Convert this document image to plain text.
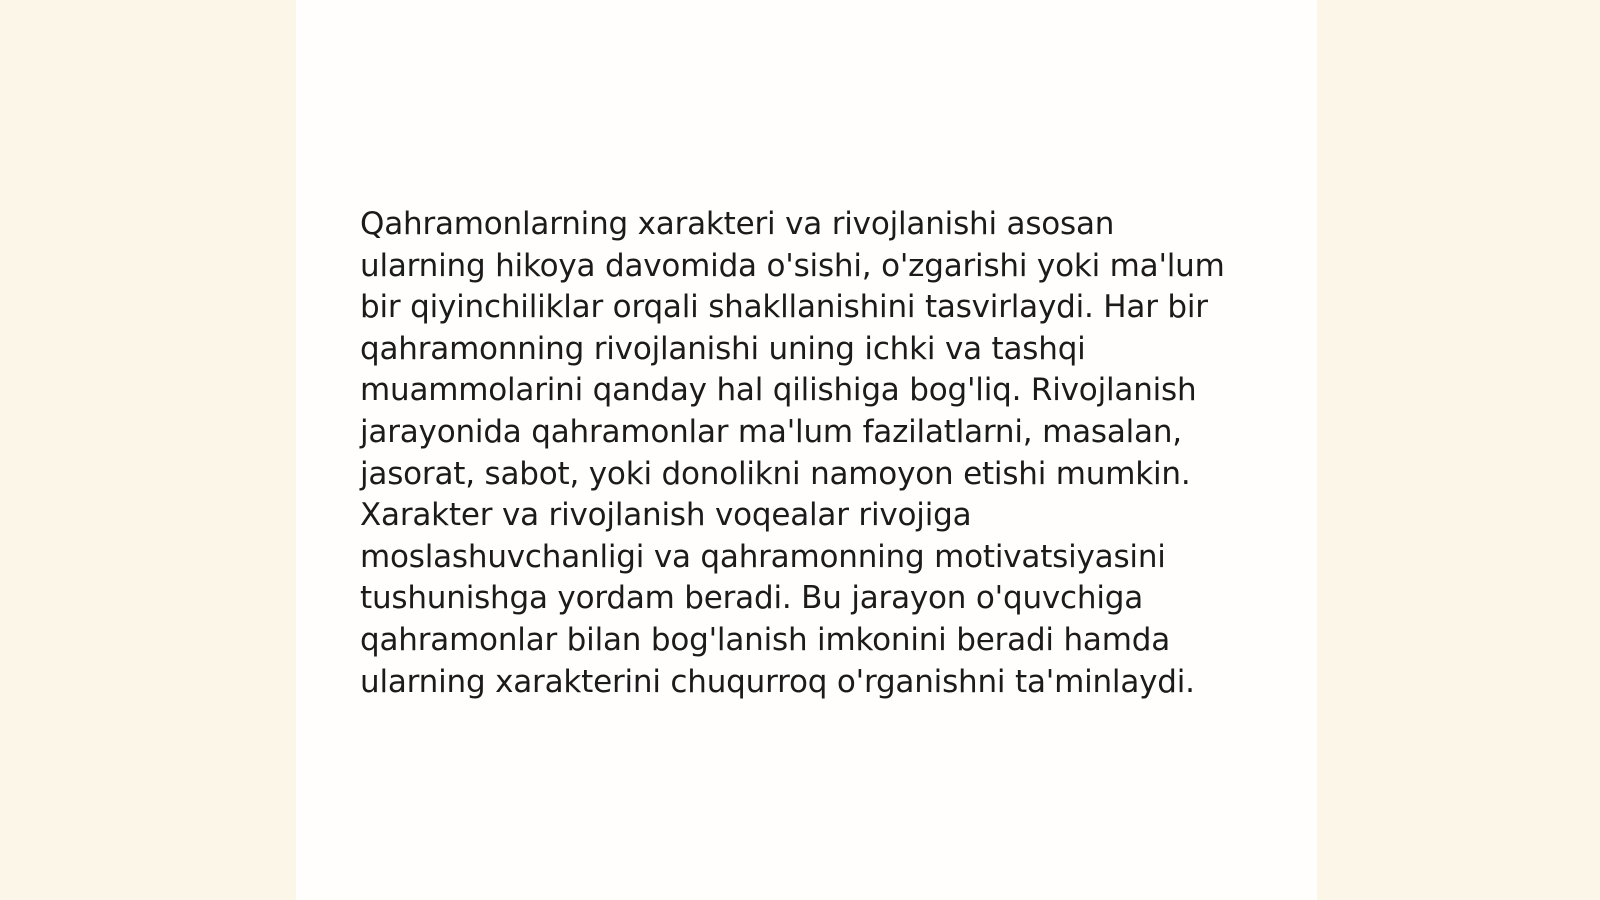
Qahramonlarning xarakteri va rivojlanishi asosan ularning hikoya davomida o'sishi, o'zgarishi yoki ma'lum bir qiyinchiliklar orqali shakllanishini tasvirlaydi. Har bir qahramonning rivojlanishi uning ichki va tashqi muammolarini qanday hal qilishiga bog'liq. Rivojlanish jarayonida qahramonlar ma'lum fazilatlarni, masalan, jasorat, sabot, yoki donolikni namoyon etishi mumkin. Xarakter va rivojlanish voqealar rivojiga moslashuvchanligi va qahramonning motivatsiyasini tushunishga yordam beradi. Bu jarayon o'quvchiga qahramonlar bilan bog'lanish imkonini beradi hamda ularning xarakterini chuqurroq o'rganishni ta'minlaydi.
